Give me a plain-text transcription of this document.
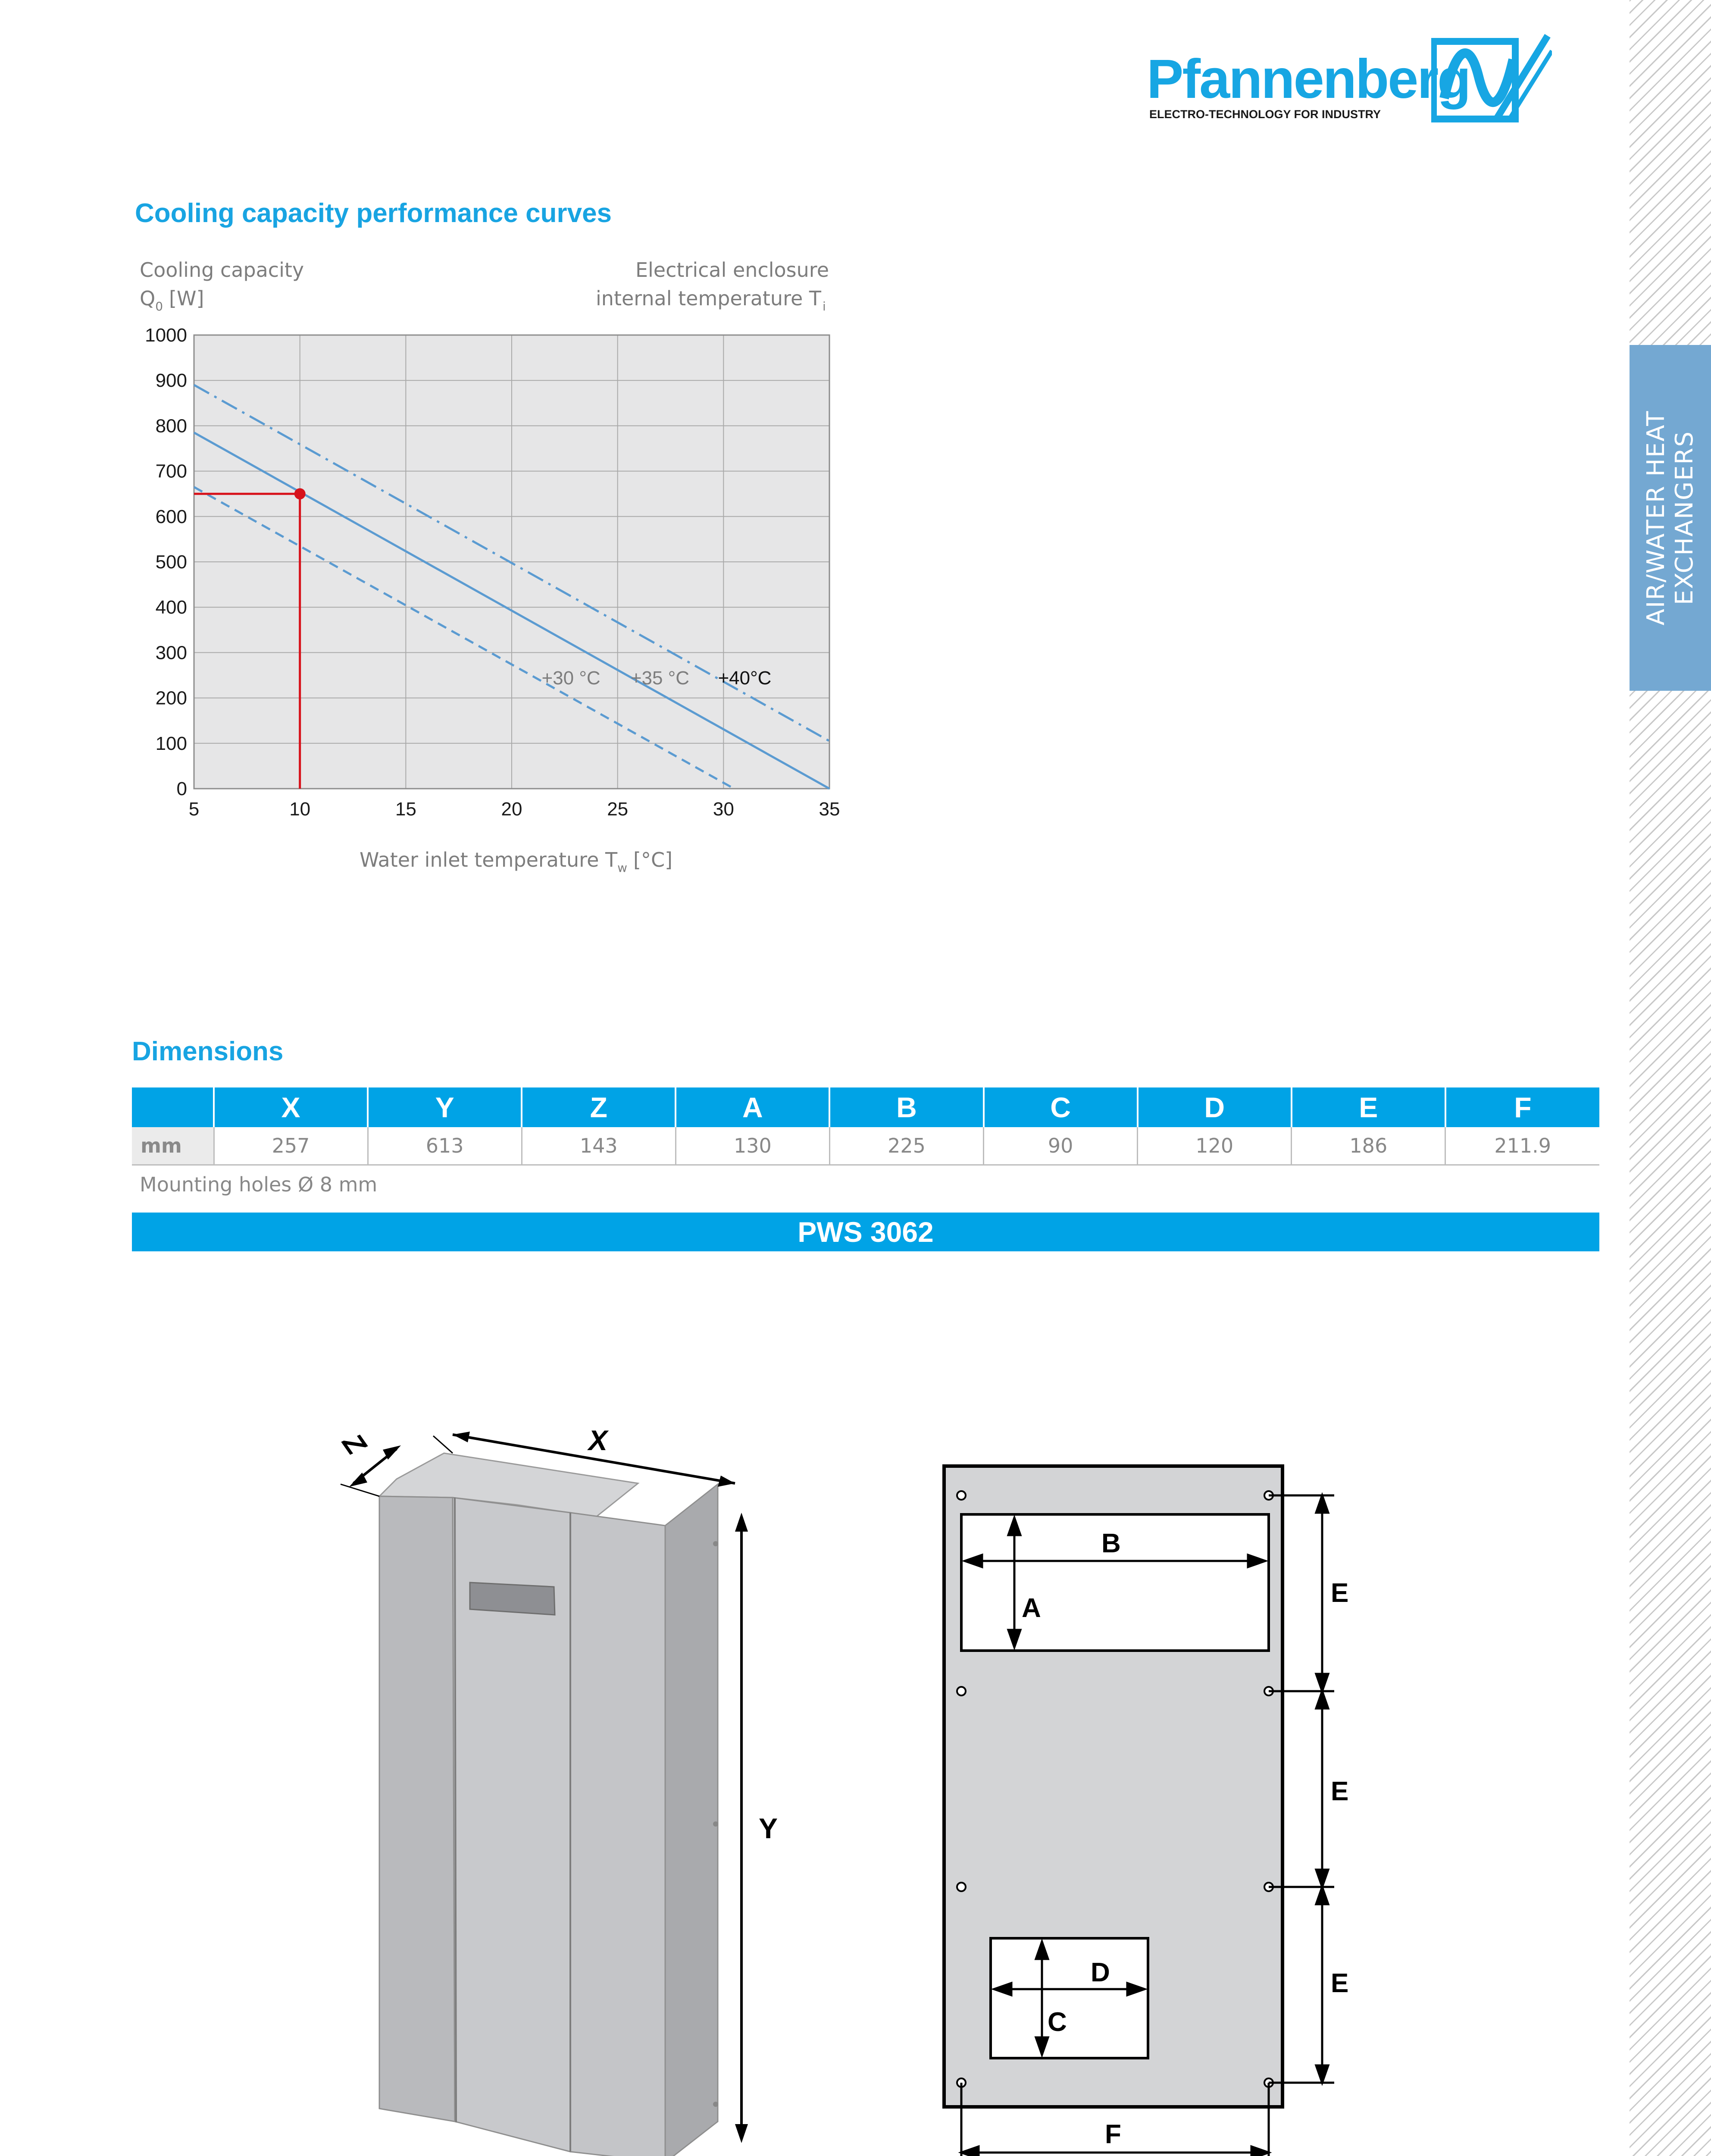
AIR/WATER HEAT EXCHANGERS
Pfannenberg
ELECTRO-TECHNOLOGY FOR INDUSTRY
Cooling capacity performance curves
Dimensions
Cooling capacity
$Q_0$ [W]
Electrical enclosure
internal temperature T i
0
100
200
300
400
500
600
700
800
900
1000
5	10	15	20	25	30	35
+30 °C +35 °C +40°C
Water inlet temperature $T_w$ [°C]
	X	Y	Z	A	B	C	D	E	F
mm	257	613	143	130	225	90	120	186	211.9
Mounting holes Ø 8 mm
PWS 3062
X
Y
Z
B
A
D
C
E
E
E
F
